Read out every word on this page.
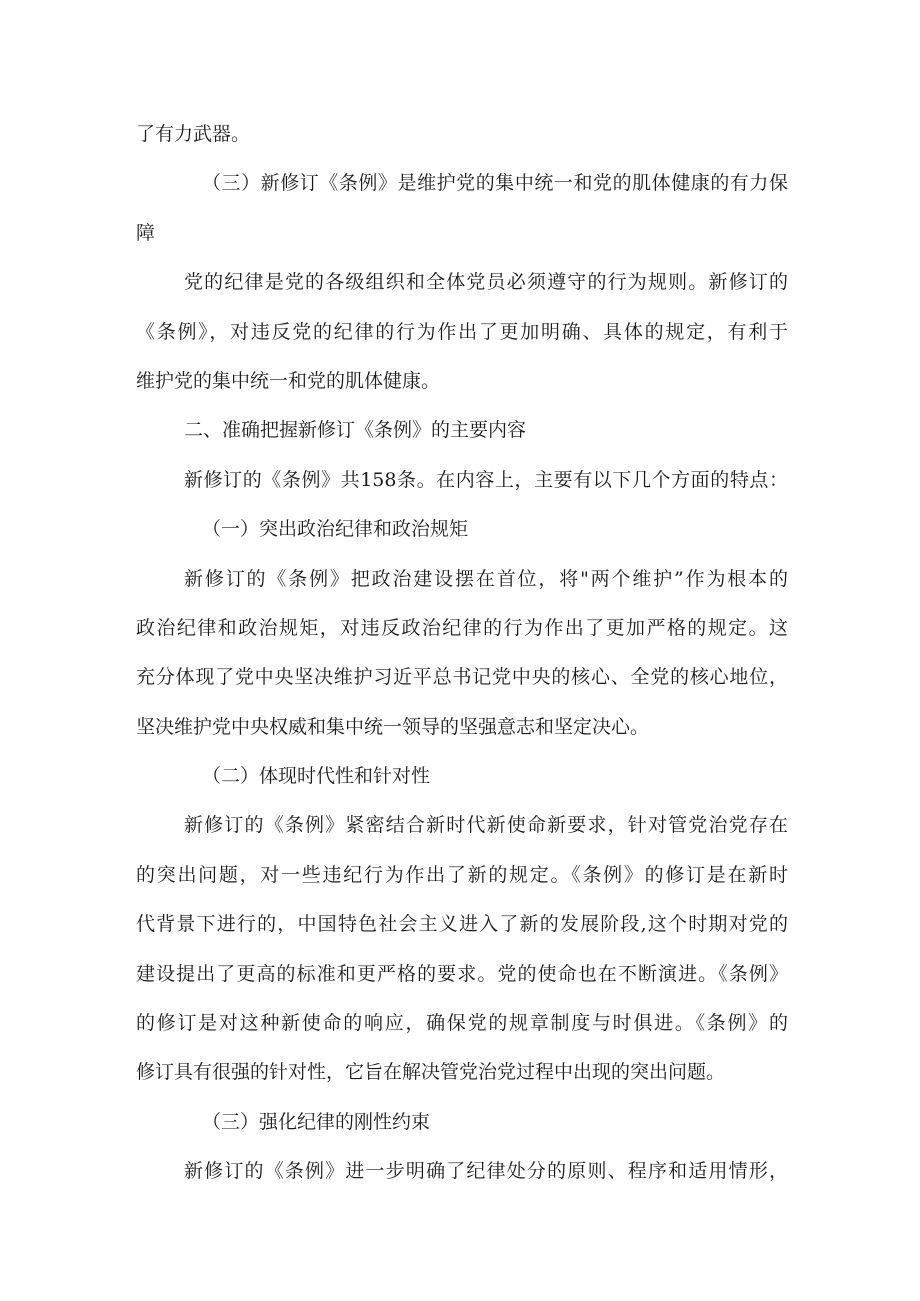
了有力武器。
（三）新修订《条例》是维护党的集中统一和党的肌体健康的有力保
障
党的纪律是党的各级组织和全体党员必须遵守的行为规则。新修订的
《条例》，对违反党的纪律的行为作出了更加明确、具体的规定，有利于
维护党的集中统一和党的肌体健康。
二、准确把握新修订《条例》的主要内容
新修订的《条例》共158条。在内容上，主要有以下几个方面的特点：
（一）突出政治纪律和政治规矩
新修订的《条例》把政治建设摆在首位，将"两个维护”作为根本的
政治纪律和政治规矩，对违反政治纪律的行为作出了更加严格的规定。这
充分体现了党中央坚决维护习近平总书记党中央的核心、全党的核心地位，
坚决维护党中央权威和集中统一领导的坚强意志和坚定决心。
（二）体现时代性和针对性
新修订的《条例》紧密结合新时代新使命新要求，针对管党治党存在
的突出问题，对一些违纪行为作出了新的规定。《条例》的修订是在新时
代背景下进行的，中国特色社会主义进入了新的发展阶段,这个时期对党的
建设提出了更高的标准和更严格的要求。党的使命也在不断演进。《条例》
的修订是对这种新使命的响应，确保党的规章制度与时俱进。《条例》的
修订具有很强的针对性，它旨在解决管党治党过程中出现的突出问题。
（三）强化纪律的刚性约束
新修订的《条例》进一步明确了纪律处分的原则、程序和适用情形，
